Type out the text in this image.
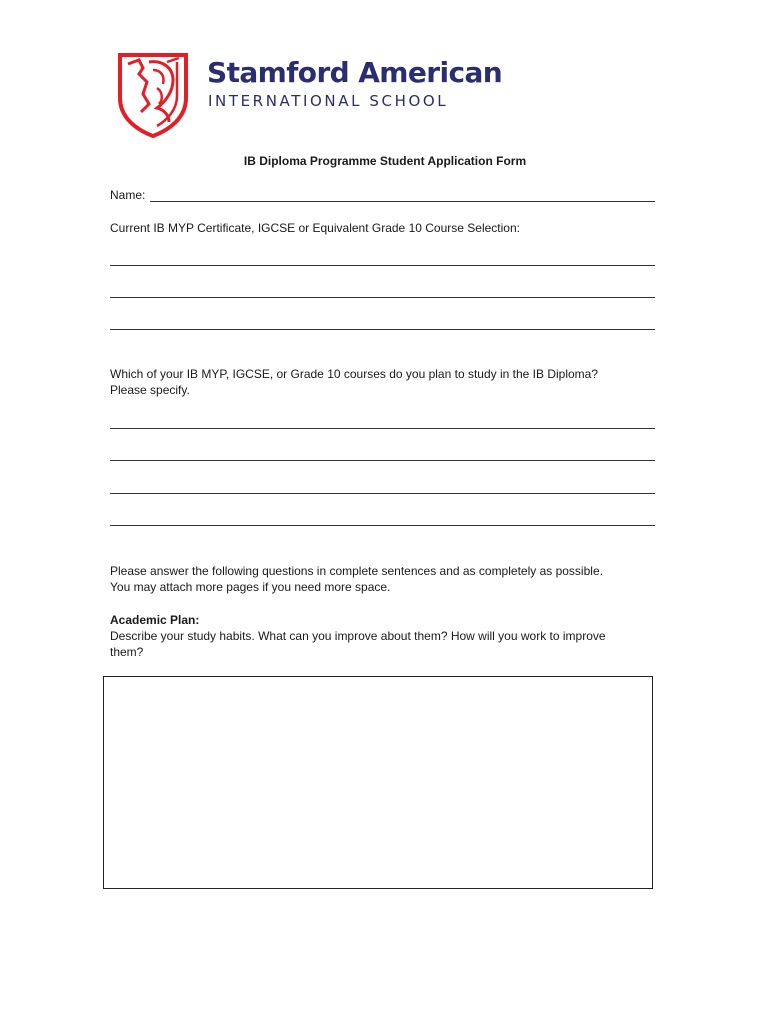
Stamford American
INTERNATIONAL SCHOOL
IB Diploma Programme Student Application Form
Name:
Current IB MYP Certificate, IGCSE or Equivalent Grade 10 Course Selection:
Which of your IB MYP, IGCSE, or Grade 10 courses do you plan to study in the IB Diploma?
Please specify.
Please answer the following questions in complete sentences and as completely as possible.
You may attach more pages if you need more space.
Academic Plan:
Describe your study habits. What can you improve about them? How will you work to improve
them?
